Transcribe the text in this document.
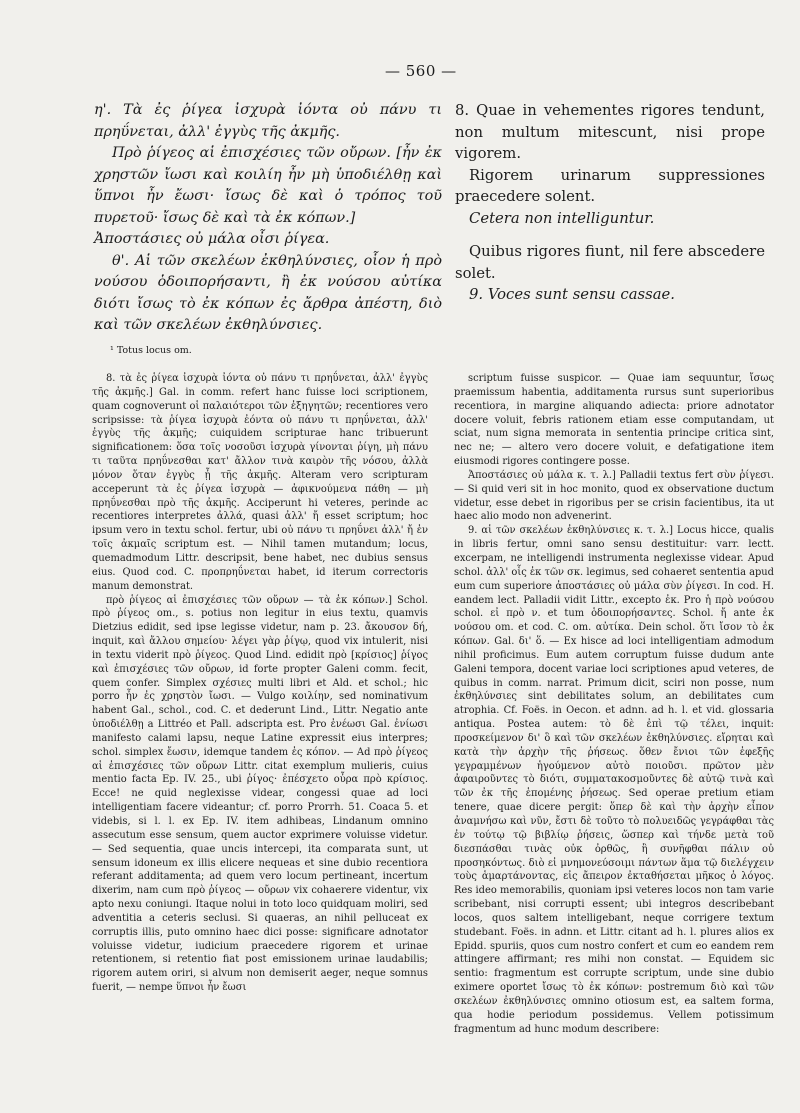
— 560 —

η'. Τὰ ἐς ῥίγεα ἰσχυρὰ ἰόντα οὐ πάνυ τι πρηΰνεται, ἀλλ' ἐγγὺς τῆς ἀκμῆς.

Πρὸ ῥίγεος αἱ ἐπισχέσιες τῶν οὔρων. [ἦν ἐκ χρηστῶν ἴωσι καὶ κοιλίη ἦν μὴ ὑποδιέλθῃ καὶ ὕπνοι ἦν ἔωσι· ἴσως δὲ καὶ ὁ τρόπος τοῦ πυρετοῦ· ἴσως δὲ καὶ τὰ ἐκ κόπων.]

Ἀποστάσιες οὐ μάλα οἶσι ῥίγεα.

θ'. Αἱ τῶν σκελέων ἐκθηλύνσιες, οἷον ἡ πρὸ νούσου ὁδοιπορήσαντι, ἢ ἐκ νούσου αὐτίκα διότι ἴσως τὸ ἐκ κόπων ἐς ἄρθρα ἀπέστη, διὸ καὶ τῶν σκελέων ἐκθηλύνσιες.

8. Quae in vehementes rigores tendunt, non multum mitescunt, nisi prope vigorem.

Rigorem urinarum suppressiones praecedere solent.

Cetera non intelliguntur.

Quibus rigores fiunt, nil fere abscedere solet.

9. Voces sunt sensu cassae.

¹ Totus locus om.

8. τὰ ἐς ῥίγεα ἰσχυρὰ ἰόντα οὐ πάνυ τι πρηΰνεται, ἀλλ' ἐγγὺς τῆς ἀκμῆς.] Gal. in comm. refert hanc fuisse loci scriptionem, quam cognoverunt οἱ παλαιότεροι τῶν ἐξηγητῶν; recentiores vero scripsisse: τὰ ῥίγεα ἰσχυρὰ ἐόντα οὐ πάνυ τι πρηΰνεται, ἀλλ' ἐγγὺς τῆς ἀκμῆς; cuiquidem scripturae hanc tribuerunt significationem: ὅσα τοῖς νοσοῦσι ἰσχυρὰ γίνονται ῥίγη, μὴ πάνυ τι ταῦτα πρηΰνεσθαι κατ' ἄλλον τινὰ καιρὸν τῆς νόσου, ἀλλὰ μόνον ὅταν ἐγγὺς ᾖ τῆς ἀκμῆς. Alteram vero scripturam acceperunt τὰ ἐς ῥίγεα ἰσχυρὰ — ἀφικνούμενα πάθη — μὴ πρηΰνεσθαι πρὸ τῆς ἀκμῆς. Acciperunt hi veteres, perinde ac recentiores interpretes ἀλλά, quasi ἀλλ' ἤ esset scriptum; hoc ipsum vero in textu schol. fertur, ubi οὐ πάνυ τι πρηΰνει ἀλλ' ἤ ἐν τοῖς ἀκμαῖς scriptum est. — Nihil tamen mutandum; locus, quemadmodum Littr. descripsit, bene habet, nec dubius sensus eius. Quod cod. C. προπρηΰνεται habet, id iterum correctoris manum demonstrat.

πρὸ ῥίγεος αἱ ἐπισχέσιες τῶν οὔρων — τὰ ἐκ κόπων.] Schol. πρὸ ῥίγεος om., s. potius non legitur in eius textu, quamvis Dietzius edidit, sed ipse legisse videtur, nam p. 23. ἄκουσον δή, inquit, καὶ ἄλλου σημείου· λέγει γὰρ ῥίγῳ, quod vix intulerit, nisi in textu viderit πρὸ ῥίγεος. Quod Lind. edidit πρὸ [κρίσιος] ῥίγος καὶ ἐπισχέσιες τῶν οὔρων, id forte propter Galeni comm. fecit, quem confer. Simplex σχέσιες multi libri et Ald. et schol.; hic porro ἦν ἐς χρηστὸν ἴωσι. — Vulgo κοιλίην, sed nominativum habent Gal., schol., cod. C. et dederunt Lind., Littr. Negatio ante ὑποδιέλθῃ a Littréo et Pall. adscripta est. Pro ἐνέωσι Gal. ἐνίωσι manifesto calami lapsu, neque Latine expressit eius interpres; schol. simplex ἔωσιν, idemque tandem ἐς κόπον. — Ad πρὸ ῥίγεος αἱ ἐπισχέσιες τῶν οὔρων Littr. citat exemplum mulieris, cuius mentio facta Ep. IV. 25., ubi ῥίγος· ἐπέσχετο οὖρα πρὸ κρίσιος. Ecce! ne quid neglexisse videar, congessi quae ad loci intelligentiam facere videantur; cf. porro Prorrh. 51. Coaca 5. et videbis, si l. l. ex Ep. IV. item adhibeas, Lindanum omnino assecutum esse sensum, quem auctor exprimere voluisse videtur. — Sed sequentia, quae uncis intercepi, ita comparata sunt, ut sensum idoneum ex illis elicere nequeas et sine dubio recentiora referant additamenta; ad quem vero locum pertineant, incertum dixerim, nam cum πρὸ ῥίγεος — οὔρων vix cohaerere videntur, vix apto nexu coniungi. Itaque nolui in toto loco quidquam moliri, sed adventitia a ceteris seclusi. Si quaeras, an nihil pelluceat ex corruptis illis, puto omnino haec dici posse: significare adnotator voluisse videtur, iudicium praecedere rigorem et urinae retentionem, si retentio fiat post emissionem urinae laudabilis; rigorem autem oriri, si alvum non demiserit aeger, neque somnus fuerit, — nempe ὕπνοι ἦν ἔωσι

scriptum fuisse suspicor. — Quae iam sequuntur, ἴσως praemissum habentia, additamenta rursus sunt superioribus recentiora, in margine aliquando adiecta: priore adnotator docere voluit, febris rationem etiam esse computandam, ut sciat, num signa memorata in sententia principe critica sint, nec ne; — altero vero docere voluit, e defatigatione item eiusmodi rigores contingere posse.

Ἀποστάσιες οὐ μάλα κ. τ. λ.] Palladii textus fert σὺν ῥίγεσι. — Si quid veri sit in hoc monito, quod ex observatione ductum videtur, esse debet in rigoribus per se crisin facientibus, ita ut haec alio modo non advenerint.

9. αἱ τῶν σκελέων ἐκθηλύνσιες κ. τ. λ.] Locus hicce, qualis in libris fertur, omni sano sensu destituitur: varr. lectt. excerpam, ne intelligendi instrumenta neglexisse videar. Apud schol. ἀλλ' οἷς ἐκ τῶν σκ. legimus, sed cohaeret sententia apud eum cum superiore ἀποστάσιες οὐ μάλα σὺν ῥίγεσι. In cod. H. eandem lect. Palladii vidit Littr., excepto ἐκ. Pro ἡ πρὸ νούσου schol. εἰ πρὸ ν. et tum ὁδοιπορήσαντες. Schol. ἤ ante ἐκ νούσου om. et cod. C. om. αὐτίκα. Dein schol. ὅτι ἴσον τὸ ἐκ κόπων. Gal. δι' ὅ. — Ex hisce ad loci intelligentiam admodum nihil proficimus. Eum autem corruptum fuisse dudum ante Galeni tempora, docent variae loci scriptiones apud veteres, de quibus in comm. narrat. Primum dicit, sciri non posse, num ἐκθηλύνσιες sint debilitates solum, an debilitates cum atrophia. Cf. Foës. in Oecon. et adnn. ad h. l. et vid. glossaria antiqua. Postea autem: τὸ δὲ ἐπὶ τῷ τέλει, inquit: προσκείμενον δι' ὃ καὶ τῶν σκελέων ἐκθηλύνσιες. εἴρηται καὶ κατὰ τὴν ἀρχὴν τῆς ῥήσεως. ὅθεν ἔνιοι τῶν ἐφεξῆς γεγραμμένων ἡγούμενον αὐτὸ ποιοῦσι. πρῶτον μὲν ἀφαιροῦντες τὸ διότι, συμματακοσμοῦντες δὲ αὐτῷ τινὰ καὶ τῶν ἐκ τῆς ἑπομένης ῥήσεως. Sed operae pretium etiam tenere, quae dicere pergit: ὅπερ δὲ καὶ τὴν ἀρχὴν εἶπον ἀναμνήσω καὶ νῦν, ἔστι δὲ τοῦτο τὸ πολυειδῶς γεγράφθαι τὰς ἐν τούτῳ τῷ βιβλίῳ ῥήσεις, ὥσπερ καὶ τήνδε μετὰ τοῦ διεσπάσθαι τινὰς οὐκ ὀρθῶς, ἢ συνῆφθαι πάλιν οὐ προσηκόντως. διὸ εἰ μνημονεύσοιμι πάντων ἅμα τῷ διελέγχειν τοὺς ἁμαρτάνοντας, εἰς ἄπειρον ἐκταθήσεται μῆκος ὁ λόγος. Res ideo memorabilis, quoniam ipsi veteres locos non tam varie scribebant, nisi corrupti essent; ubi integros describebant locos, quos saltem intelligebant, neque corrigere textum studebant. Foës. in adnn. et Littr. citant ad h. l. plures alios ex Epidd. spuriis, quos cum nostro confert et cum eo eandem rem attingere affirmant; res mihi non constat. — Equidem sic sentio: fragmentum est corrupte scriptum, unde sine dubio eximere oportet ἴσως τὸ ἐκ κόπων: postremum διὸ καὶ τῶν σκελέων ἐκθηλύνσιες omnino otiosum est, ea saltem forma, qua hodie periodum possidemus. Vellem potissimum fragmentum ad hunc modum describere:
